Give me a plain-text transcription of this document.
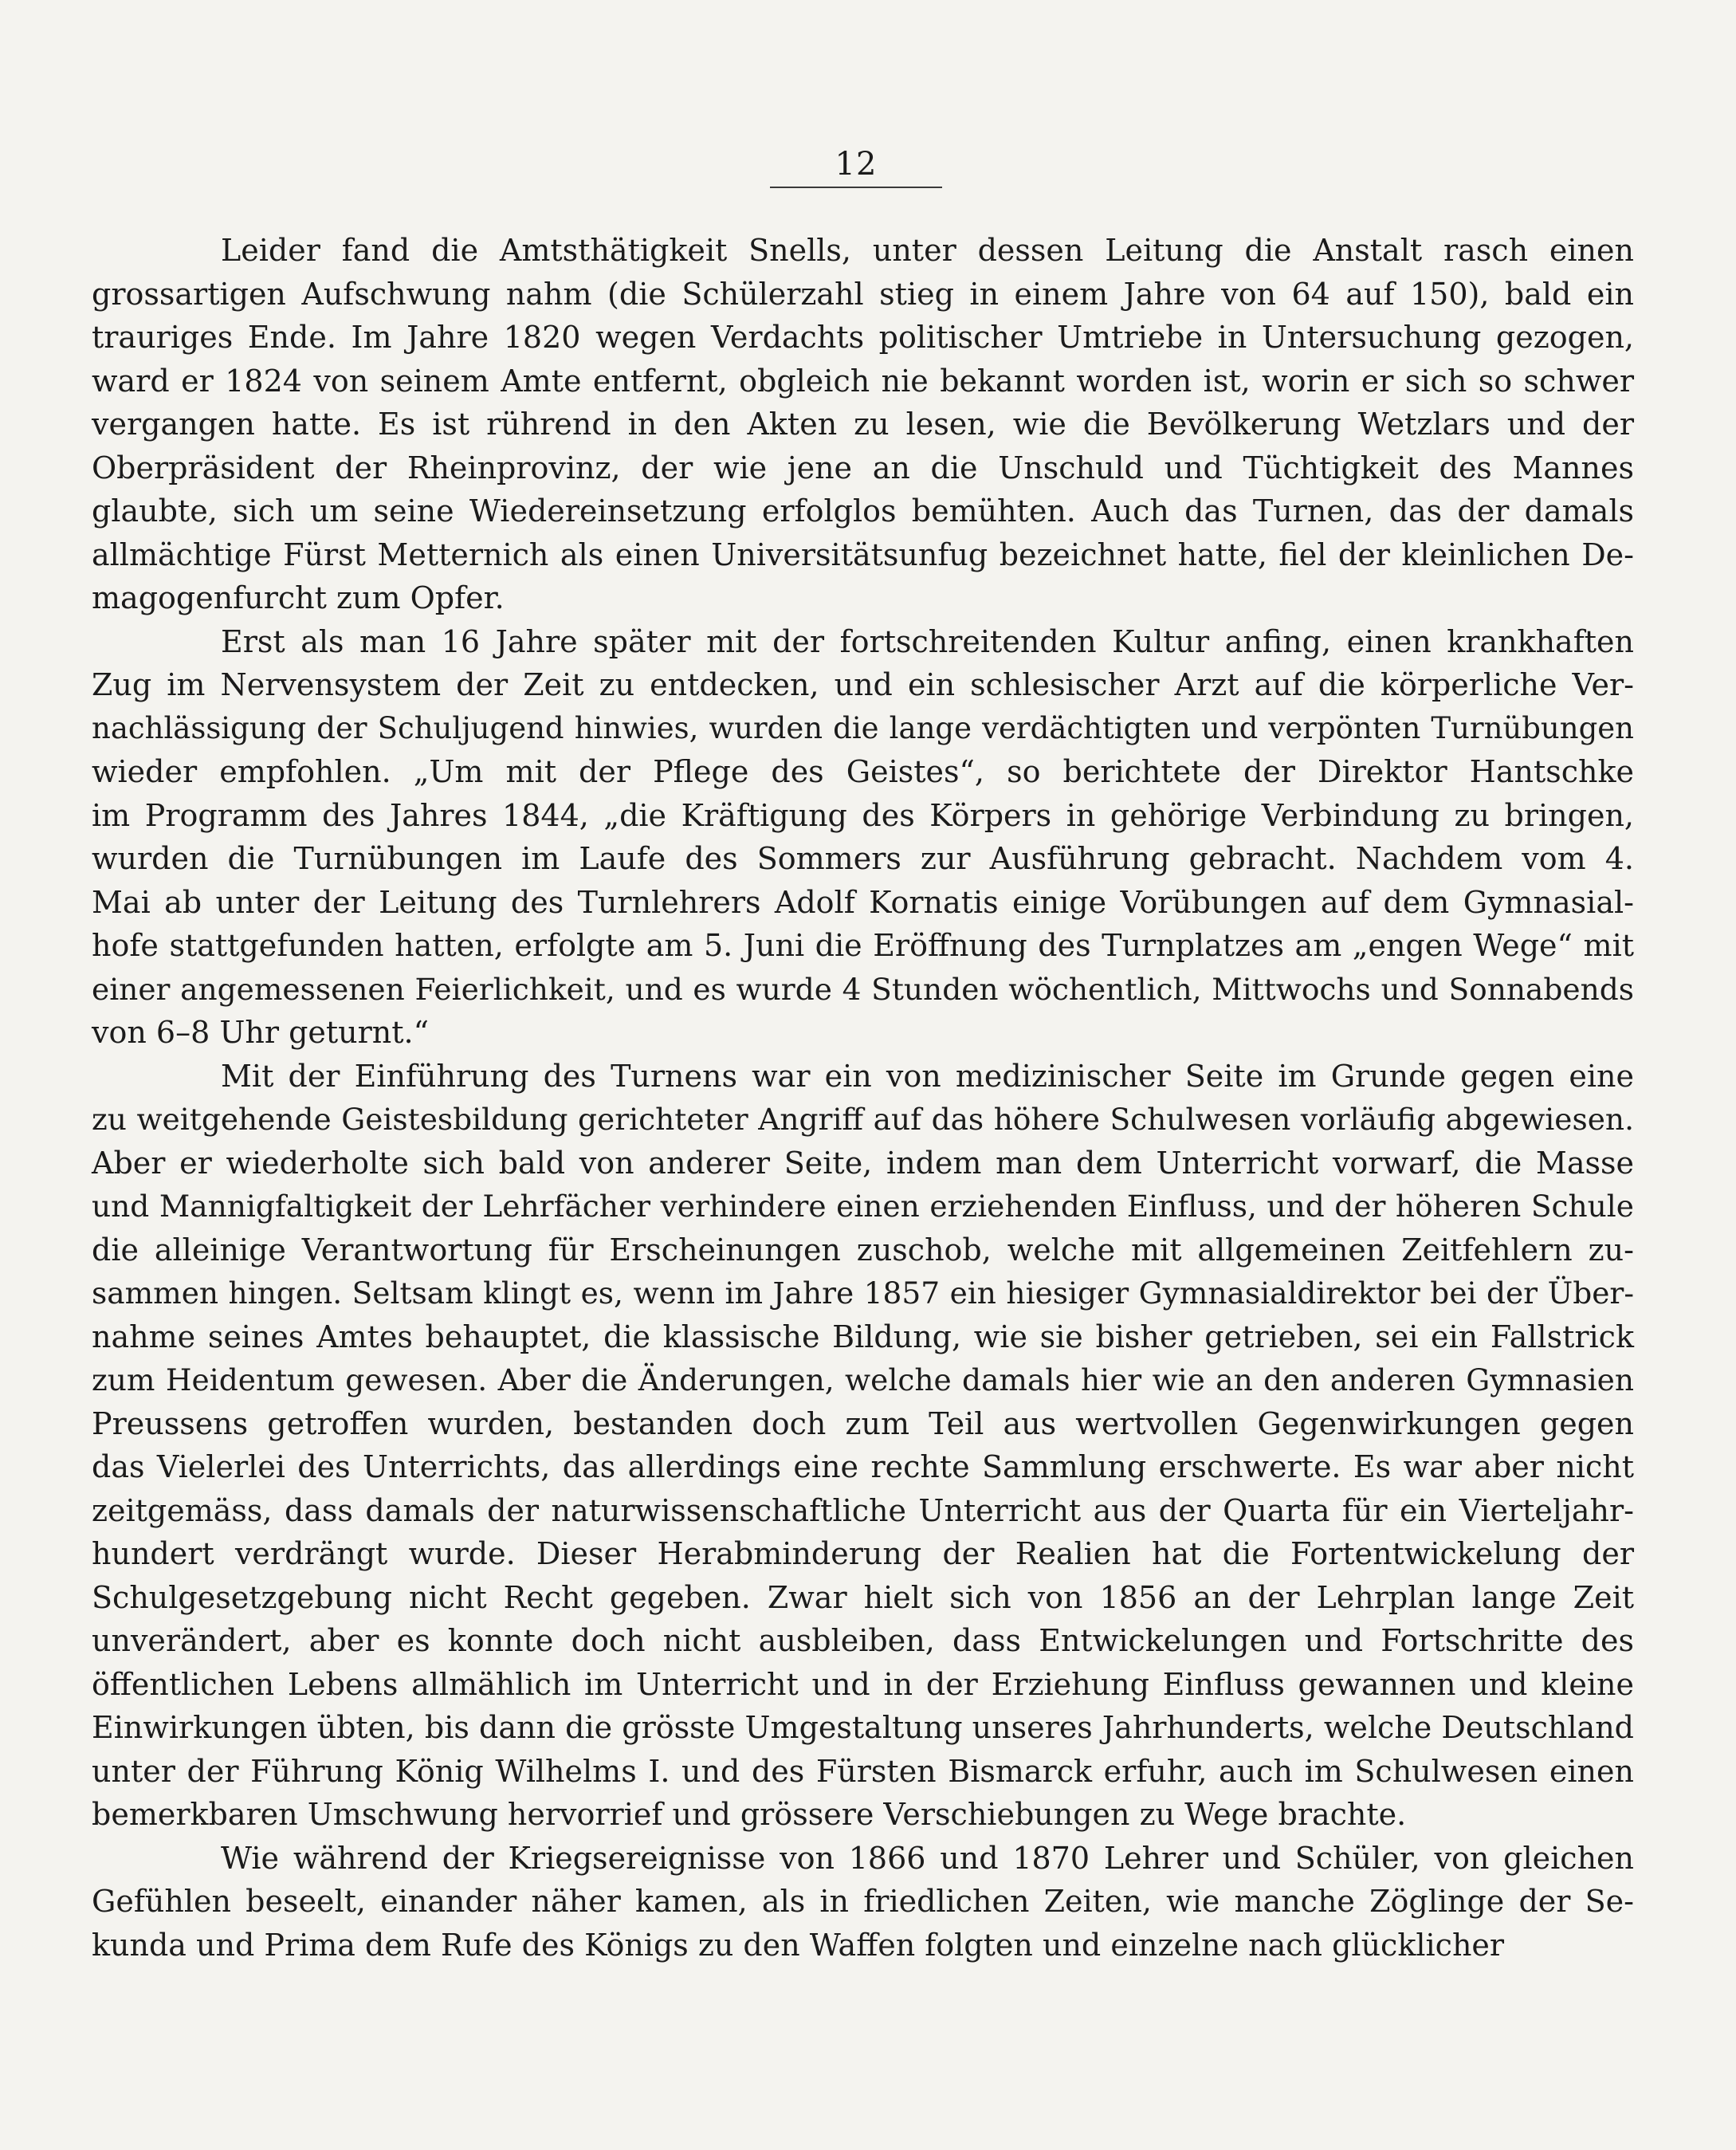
12
Leider fand die Amtsthätigkeit Snells, unter dessen Leitung die Anstalt rasch einen
grossartigen Aufschwung nahm (die Schülerzahl stieg in einem Jahre von 64 auf 150), bald ein
trauriges Ende. Im Jahre 1820 wegen Verdachts politischer Umtriebe in Untersuchung gezogen,
ward er 1824 von seinem Amte entfernt, obgleich nie bekannt worden ist, worin er sich so schwer
vergangen hatte. Es ist rührend in den Akten zu lesen, wie die Bevölkerung Wetzlars und der
Oberpräsident der Rheinprovinz, der wie jene an die Unschuld und Tüchtigkeit des Mannes
glaubte, sich um seine Wiedereinsetzung erfolglos bemühten. Auch das Turnen, das der damals
allmächtige Fürst Metternich als einen Universitätsunfug bezeichnet hatte, fiel der kleinlichen De-
magogenfurcht zum Opfer.
Erst als man 16 Jahre später mit der fortschreitenden Kultur anfing, einen krankhaften
Zug im Nervensystem der Zeit zu entdecken, und ein schlesischer Arzt auf die körperliche Ver-
nachlässigung der Schuljugend hinwies, wurden die lange verdächtigten und verpönten Turnübungen
wieder empfohlen. „Um mit der Pflege des Geistes“, so berichtete der Direktor Hantschke
im Programm des Jahres 1844, „die Kräftigung des Körpers in gehörige Verbindung zu bringen,
wurden die Turnübungen im Laufe des Sommers zur Ausführung gebracht. Nachdem vom 4.
Mai ab unter der Leitung des Turnlehrers Adolf Kornatis einige Vorübungen auf dem Gymnasial-
hofe stattgefunden hatten, erfolgte am 5. Juni die Eröffnung des Turnplatzes am „engen Wege“ mit
einer angemessenen Feierlichkeit, und es wurde 4 Stunden wöchentlich, Mittwochs und Sonnabends
von 6–8 Uhr geturnt.“
Mit der Einführung des Turnens war ein von medizinischer Seite im Grunde gegen eine
zu weitgehende Geistesbildung gerichteter Angriff auf das höhere Schulwesen vorläufig abgewiesen.
Aber er wiederholte sich bald von anderer Seite, indem man dem Unterricht vorwarf, die Masse
und Mannigfaltigkeit der Lehrfächer verhindere einen erziehenden Einfluss, und der höheren Schule
die alleinige Verantwortung für Erscheinungen zuschob, welche mit allgemeinen Zeitfehlern zu-
sammen hingen. Seltsam klingt es, wenn im Jahre 1857 ein hiesiger Gymnasialdirektor bei der Über-
nahme seines Amtes behauptet, die klassische Bildung, wie sie bisher getrieben, sei ein Fallstrick
zum Heidentum gewesen. Aber die Änderungen, welche damals hier wie an den anderen Gymnasien
Preussens getroffen wurden, bestanden doch zum Teil aus wertvollen Gegenwirkungen gegen
das Vielerlei des Unterrichts, das allerdings eine rechte Sammlung erschwerte. Es war aber nicht
zeitgemäss, dass damals der naturwissenschaftliche Unterricht aus der Quarta für ein Vierteljahr-
hundert verdrängt wurde. Dieser Herabminderung der Realien hat die Fortentwickelung der
Schulgesetzgebung nicht Recht gegeben. Zwar hielt sich von 1856 an der Lehrplan lange Zeit
unverändert, aber es konnte doch nicht ausbleiben, dass Entwickelungen und Fortschritte des
öffentlichen Lebens allmählich im Unterricht und in der Erziehung Einfluss gewannen und kleine
Einwirkungen übten, bis dann die grösste Umgestaltung unseres Jahrhunderts, welche Deutschland
unter der Führung König Wilhelms I. und des Fürsten Bismarck erfuhr, auch im Schulwesen einen
bemerkbaren Umschwung hervorrief und grössere Verschiebungen zu Wege brachte.
Wie während der Kriegsereignisse von 1866 und 1870 Lehrer und Schüler, von gleichen
Gefühlen beseelt, einander näher kamen, als in friedlichen Zeiten, wie manche Zöglinge der Se-
kunda und Prima dem Rufe des Königs zu den Waffen folgten und einzelne nach glücklicher
